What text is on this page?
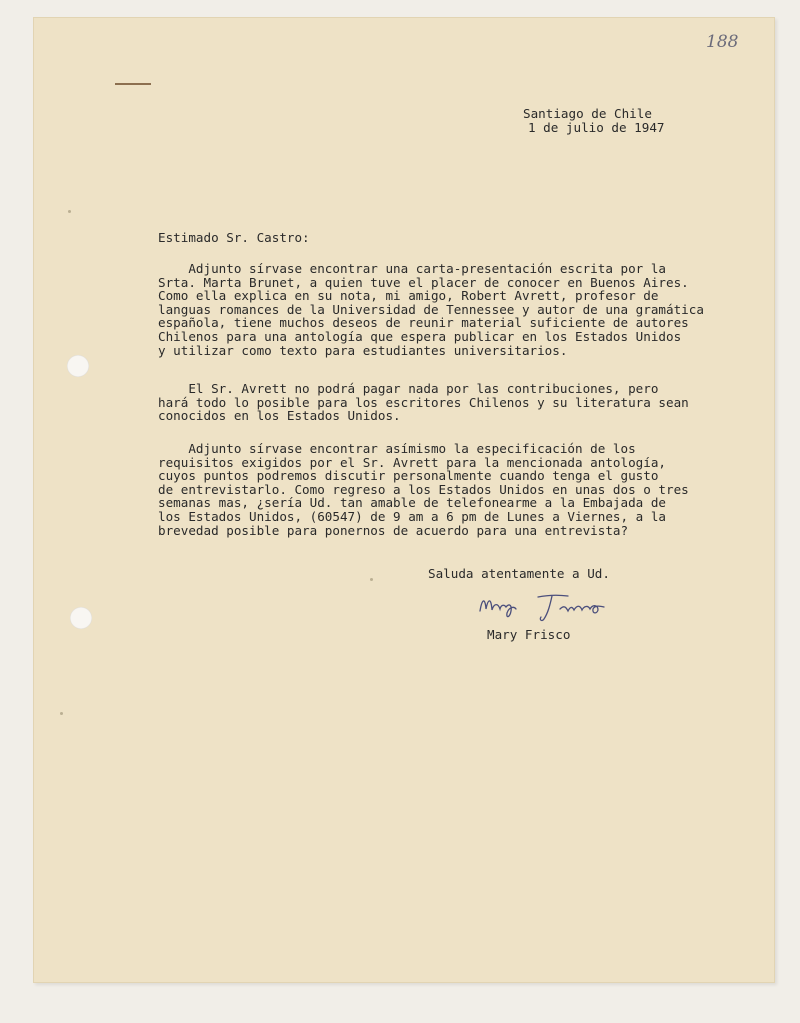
188
Santiago de Chile
1 de julio de 1947
Estimado Sr. Castro:
Adjunto sírvase encontrar una carta-presentación escrita por la
Srta. Marta Brunet, a quien tuve el placer de conocer en Buenos Aires.
Como ella explica en su nota, mi amigo, Robert Avrett, profesor de
languas romances de la Universidad de Tennessee y autor de una gramática
española, tiene muchos deseos de reunir material suficiente de autores
Chilenos para una antología que espera publicar en los Estados Unidos
y utilizar como texto para estudiantes universitarios.
El Sr. Avrett no podrá pagar nada por las contribuciones, pero
hará todo lo posible para los escritores Chilenos y su literatura sean
conocidos en los Estados Unidos.
Adjunto sírvase encontrar asímismo la especificación de los
requisitos exigidos por el Sr. Avrett para la mencionada antología,
cuyos puntos podremos discutir personalmente cuando tenga el gusto
de entrevistarlo. Como regreso a los Estados Unidos en unas dos o tres
semanas mas, ¿sería Ud. tan amable de telefonearme a la Embajada de
los Estados Unidos, (60547) de 9 am a 6 pm de Lunes a Viernes, a la
brevedad posible para ponernos de acuerdo para una entrevista?
Saluda atentamente a Ud.
Mary Frisco
